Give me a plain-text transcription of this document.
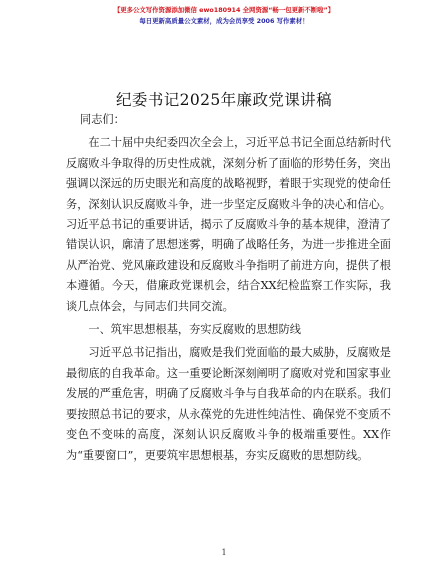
【更多公文写作资源添加微信 ewo180914 全网资源“畅一包更新不断啦”】
每日更新高质量公文素材，成为会员享受 2006 写作素材！
纪委书记2025年廉政党课讲稿

同志们：

在二十届中央纪委四次全会上，习近平总书记全面总结新时代反腐败斗争取得的历史性成就，深刻分析了面临的形势任务，突出强调以深远的历史眼光和高度的战略视野，着眼于实现党的使命任务，深刻认识反腐败斗争，进一步坚定反腐败斗争的决心和信心。习近平总书记的重要讲话，揭示了反腐败斗争的基本规律，澄清了错误认识，廓清了思想迷雾，明确了战略任务，为进一步推进全面从严治党、党风廉政建设和反腐败斗争指明了前进方向，提供了根本遵循。今天，借廉政党课机会，结合XX纪检监察工作实际，我谈几点体会，与同志们共同交流。

一、筑牢思想根基，夯实反腐败的思想防线

习近平总书记指出，腐败是我们党面临的最大威胁，反腐败是最彻底的自我革命。这一重要论断深刻阐明了腐败对党和国家事业发展的严重危害，明确了反腐败斗争与自我革命的内在联系。我们要按照总书记的要求，从永葆党的先进性纯洁性、确保党不变质不变色不变味的高度，深刻认识反腐败斗争的极端重要性。XX作为“重要窗口”，更要筑牢思想根基，夯实反腐败的思想防线。

1
